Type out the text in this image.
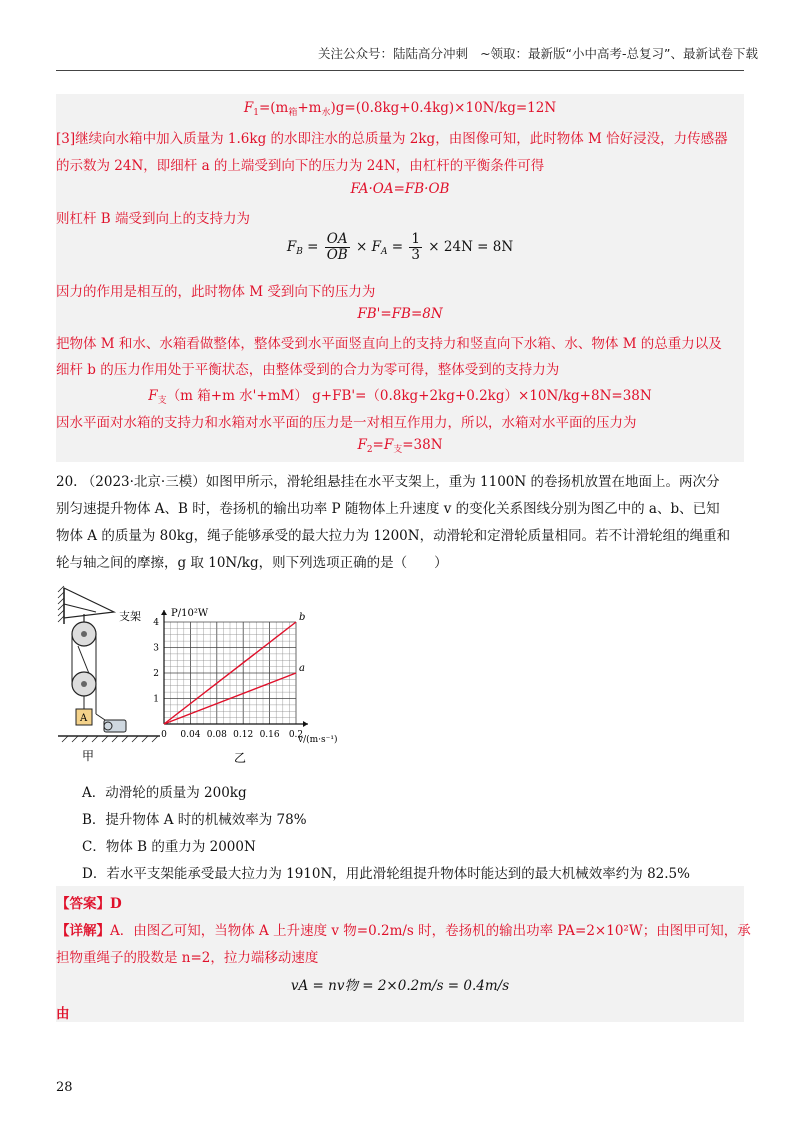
关注公众号：陆陆高分冲刺 ~领取：最新版“小中高考-总复习”、最新试卷下载
$F_1=(m_箱+m_水)g=(0.8kg+0.4kg)\times 10N/kg=12N$
[3]继续向水箱中加入质量为 1.6kg 的水即注水的总质量为 2kg，由图像可知，此时物体 M 恰好浸没，力传感器
的示数为 24N，即细杆 a 的上端受到向下的压力为 24N，由杠杆的平衡条件可得
FA·OA=FB·OB
则杠杆 B 端受到向上的支持力为
$F_B = \frac{OA}{OB} \times F_A = \frac{1}{3} \times 24N = 8N$
因力的作用是相互的，此时物体 M 受到向下的压力为
FB'=FB=8N
把物体 M 和水、水箱看做整体，整体受到水平面竖直向上的支持力和竖直向下水箱、水、物体 M 的总重力以及
细杆 b 的压力作用处于平衡状态，由整体受到的合力为零可得，整体受到的支持力为
$F_支(m$ 箱+m 水'+mM） g+FB'=（0.8kg+2kg+0.2kg）×10N/kg+8N=38N
因水平面对水箱的支持力和水箱对水平面的压力是一对相互作用力，所以，水箱对水平面的压力为
$F_2=F_支=38N$
20. （2023·北京·三模）如图甲所示，滑轮组悬挂在水平支架上，重为 1100N 的卷扬机放置在地面上。两次分
别匀速提升物体 A、B 时，卷扬机的输出功率 P 随物体上升速度 v 的变化关系图线分别为图乙中的 a、b、已知
物体 A 的质量为 80kg，绳子能够承受的最大拉力为 1200N，动滑轮和定滑轮质量相同。若不计滑轮组的绳重和
轮与轴之间的摩擦，g 取 10N/kg，则下列选项正确的是（　　）
支架
A
甲
0 0.04 0.08 0.12 0.16 0.2
1
2
3
4
a
b
P/10²W
v/(m·s⁻¹)
乙
A．动滑轮的质量为 200kg
B．提升物体 A 时的机械效率为 78%
C．物体 B 的重力为 2000N
D．若水平支架能承受最大拉力为 1910N，用此滑轮组提升物体时能达到的最大机械效率约为 82.5%
【答案】D
【详解】A．由图乙可知，当物体 A 上升速度 v 物=0.2m/s 时，卷扬机的输出功率 PA=2×10²W；由图甲可知，承
担物重绳子的股数是 n=2，拉力端移动速度
vA = nv物 = 2×0.2m/s = 0.4m/s
由
28
